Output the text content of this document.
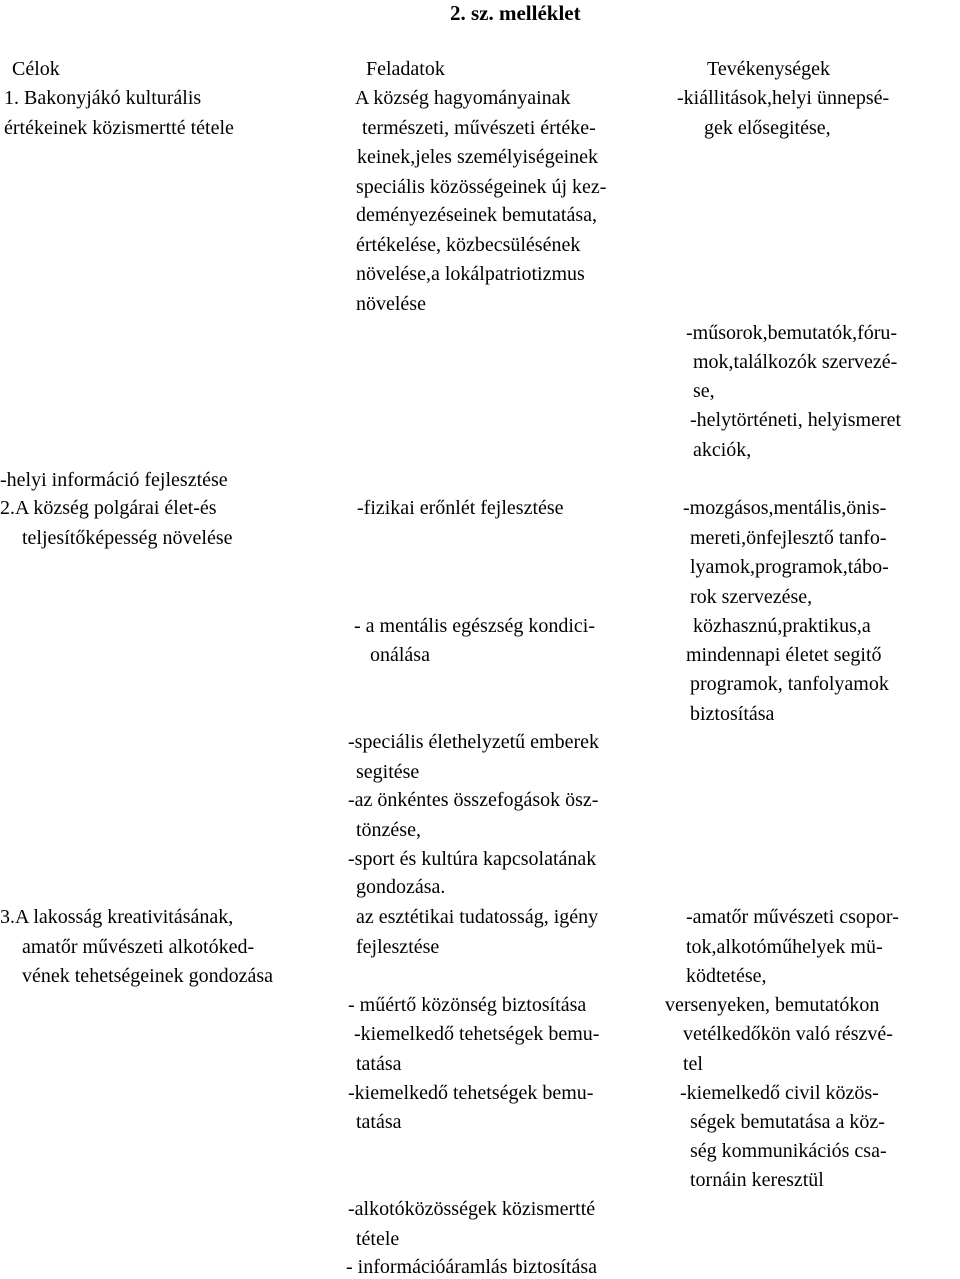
2. sz. melléklet

Célok	Feladatok	Tevékenységek

1. Bakonyjákó kulturális

értékeinek közismertté tétele

-helyi információ fejlesztése

2.A község polgárai élet-és

teljesítőképesség növelése

3.A lakosság kreativitásának,

amatőr művészeti alkotóked-

vének tehetségeinek gondozása

A község hagyományainak

természeti, művészeti értéke-

keinek,jeles személyiségeinek

speciális közösségeinek új kez-

deményezéseinek bemutatása,

értékelése, közbecsülésének

növelése,a lokálpatriotizmus

növelése

-fizikai erőnlét fejlesztése

- a mentális egészség kondici-

onálása

-speciális élethelyzetű emberek

segitése

-az önkéntes összefogások ösz-

tönzése,

-sport és kultúra kapcsolatának

gondozása.

az esztétikai tudatosság, igény

fejlesztése

- műértő közönség biztosítása

-kiemelkedő tehetségek bemu-

tatása

-kiemelkedő tehetségek bemu-

tatása

-alkotóközösségek közismertté

tétele

- információáramlás biztosítása

-kiállitások,helyi ünnepsé-

gek elősegitése,

-műsorok,bemutatók,fóru-

mok,találkozók szervezé-

se,

-helytörténeti, helyismeret

akciók,

-mozgásos,mentális,önis-

mereti,önfejlesztő tanfo-

lyamok,programok,tábo-

rok szervezése,

közhasznú,praktikus,a

mindennapi életet segitő

programok, tanfolyamok

biztosítása

-amatőr művészeti csopor-

tok,alkotóműhelyek mü-

ködtetése,

versenyeken, bemutatókon

vetélkedőkön való részvé-

tel

-kiemelkedő civil közös-

ségek bemutatása a köz-

ség kommunikációs csa-

tornáin keresztül
